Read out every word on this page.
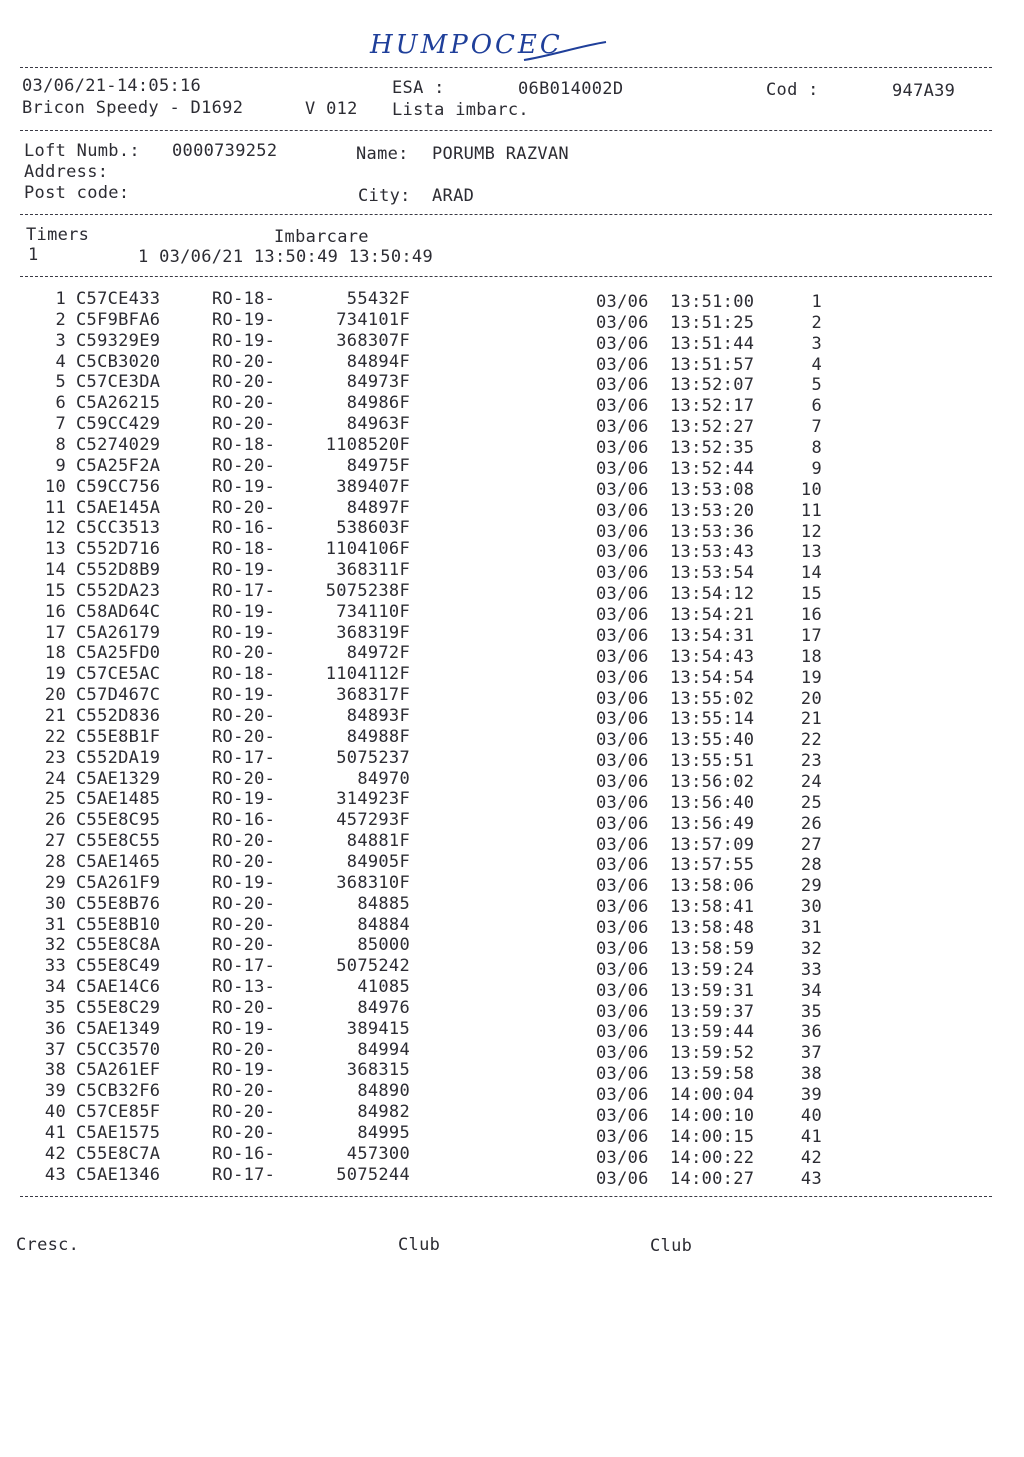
HUMPOCEC
03/06/21-14:05:16	ESA :	06B014002D	Cod :	947A39
Bricon Speedy - D1692	V 012 Lista imbarc.
Loft Numb.: 0000739252	Name: PORUMB RAZVAN
Address:
Post code:	City: ARAD
Timers	Imbarcare
1	1 03/06/21 13:50:49 13:50:49
1 C57CE433	RO-18-	55432F	03/06 13:51:00	1
2 C5F9BFA6	RO-19-	734101F	03/06 13:51:25	2
3 C59329E9	RO-19-	368307F	03/06 13:51:44	3
4 C5CB3020	RO-20-	84894F	03/06 13:51:57	4
5 C57CE3DA	RO-20-	84973F	03/06 13:52:07	5
6 C5A26215	RO-20-	84986F	03/06 13:52:17	6
7 C59CC429	RO-20-	84963F	03/06 13:52:27	7
8 C5274029	RO-18-	1108520F	03/06 13:52:35	8
9 C5A25F2A	RO-20-	84975F	03/06 13:52:44	9
10 C59CC756	RO-19-	389407F	03/06 13:53:08	10
11 C5AE145A	RO-20-	84897F	03/06 13:53:20	11
12 C5CC3513	RO-16-	538603F	03/06 13:53:36	12
13 C552D716	RO-18-	1104106F	03/06 13:53:43	13
14 C552D8B9	RO-19-	368311F	03/06 13:53:54	14
15 C552DA23	RO-17-	5075238F	03/06 13:54:12	15
16 C58AD64C	RO-19-	734110F	03/06 13:54:21	16
17 C5A26179	RO-19-	368319F	03/06 13:54:31	17
18 C5A25FD0	RO-20-	84972F	03/06 13:54:43	18
19 C57CE5AC	RO-18-	1104112F	03/06 13:54:54	19
20 C57D467C	RO-19-	368317F	03/06 13:55:02	20
21 C552D836	RO-20-	84893F	03/06 13:55:14	21
22 C55E8B1F	RO-20-	84988F	03/06 13:55:40	22
23 C552DA19	RO-17-	5075237	03/06 13:55:51	23
24 C5AE1329	RO-20-	84970	03/06 13:56:02	24
25 C5AE1485	RO-19-	314923F	03/06 13:56:40	25
26 C55E8C95	RO-16-	457293F	03/06 13:56:49	26
27 C55E8C55	RO-20-	84881F	03/06 13:57:09	27
28 C5AE1465	RO-20-	84905F	03/06 13:57:55	28
29 C5A261F9	RO-19-	368310F	03/06 13:58:06	29
30 C55E8B76	RO-20-	84885	03/06 13:58:41	30
31 C55E8B10	RO-20-	84884	03/06 13:58:48	31
32 C55E8C8A	RO-20-	85000	03/06 13:58:59	32
33 C55E8C49	RO-17-	5075242	03/06 13:59:24	33
34 C5AE14C6	RO-13-	41085	03/06 13:59:31	34
35 C55E8C29	RO-20-	84976	03/06 13:59:37	35
36 C5AE1349	RO-19-	389415	03/06 13:59:44	36
37 C5CC3570	RO-20-	84994	03/06 13:59:52	37
38 C5A261EF	RO-19-	368315	03/06 13:59:58	38
39 C5CB32F6	RO-20-	84890	03/06 14:00:04	39
40 C57CE85F	RO-20-	84982	03/06 14:00:10	40
41 C5AE1575	RO-20-	84995	03/06 14:00:15	41
42 C55E8C7A	RO-16-	457300	03/06 14:00:22	42
43 C5AE1346	RO-17-	5075244	03/06 14:00:27	43
Cresc.	Club	Club
